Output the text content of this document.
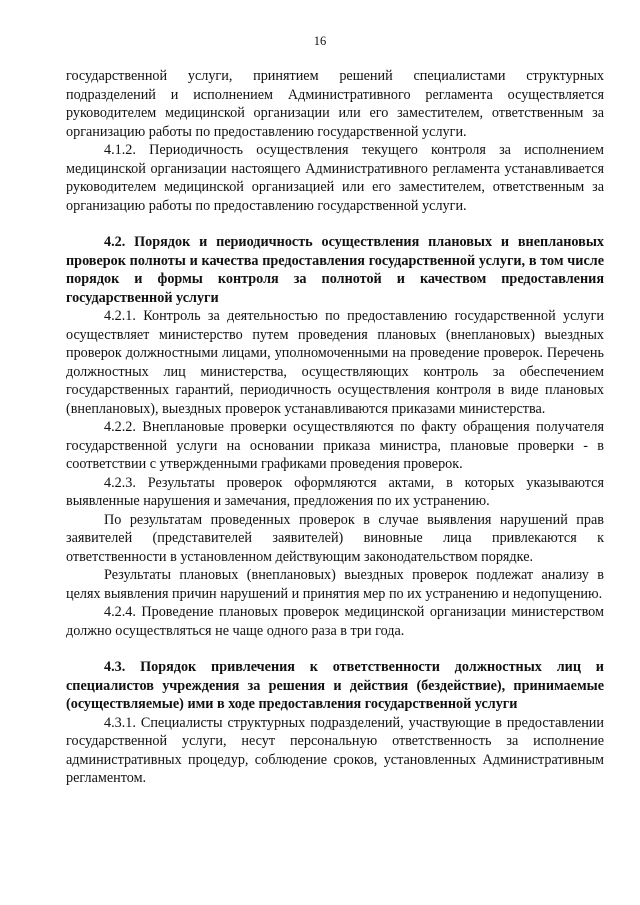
16

государственной услуги, принятием решений специалистами структурных подразделений и исполнением Административного регламента осуществляется руководителем медицинской организации или его заместителем, ответственным за организацию работы по предоставлению государственной услуги.

4.1.2. Периодичность осуществления текущего контроля за исполнением медицинской организации настоящего Административного регламента устанавливается руководителем медицинской организацией или его заместителем, ответственным за организацию работы по предоставлению государственной услуги.

4.2. Порядок и периодичность осуществления плановых и внеплановых проверок полноты и качества предоставления государственной услуги, в том числе порядок и формы контроля за полнотой и качеством предоставления государственной услуги

4.2.1. Контроль за деятельностью по предоставлению государственной услуги осуществляет министерство путем проведения плановых (внеплановых) выездных проверок должностными лицами, уполномоченными на проведение проверок. Перечень должностных лиц министерства, осуществляющих контроль за обеспечением государственных гарантий, периодичность осуществления контроля в виде плановых (внеплановых), выездных проверок устанавливаются приказами министерства.

4.2.2. Внеплановые проверки осуществляются по факту обращения получателя государственной услуги на основании приказа министра, плановые проверки - в соответствии с утвержденными графиками проведения проверок.

4.2.3. Результаты проверок оформляются актами, в которых указываются выявленные нарушения и замечания, предложения по их устранению.

По результатам проведенных проверок в случае выявления нарушений прав заявителей (представителей заявителей) виновные лица привлекаются к ответственности в установленном действующим законодательством порядке.

Результаты плановых (внеплановых) выездных проверок подлежат анализу в целях выявления причин нарушений и принятия мер по их устранению и недопущению.

4.2.4. Проведение плановых проверок медицинской организации министерством должно осуществляться не чаще одного раза в три года.

4.3. Порядок привлечения к ответственности должностных лиц и специалистов учреждения за решения и действия (бездействие), принимаемые (осуществляемые) ими в ходе предоставления государственной услуги

4.3.1. Специалисты структурных подразделений, участвующие в предоставлении государственной услуги, несут персональную ответственность за исполнение административных процедур, соблюдение сроков, установленных Административным регламентом.
